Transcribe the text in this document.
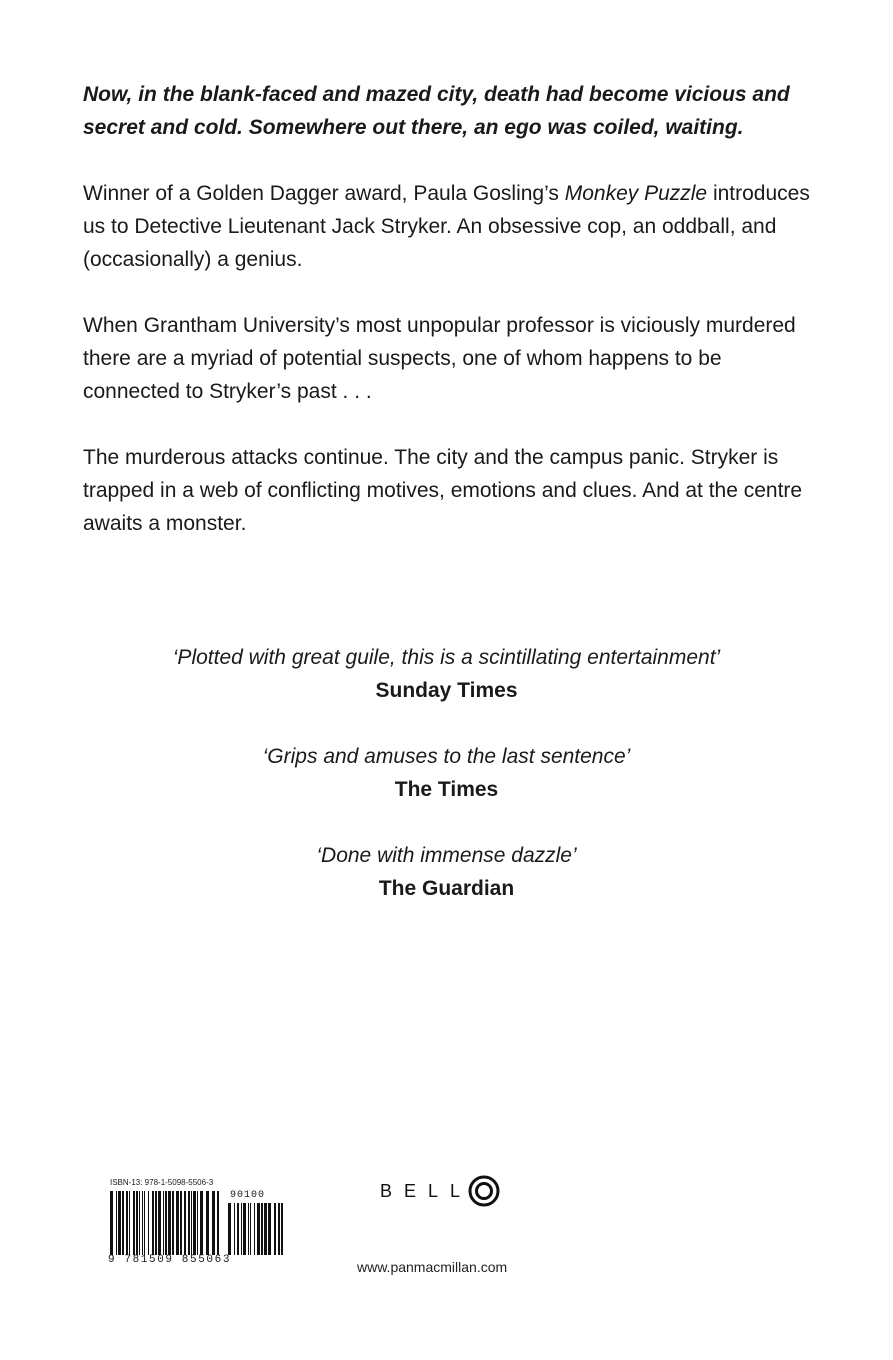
Now, in the blank-faced and mazed city, death had become vicious and secret and cold. Somewhere out there, an ego was coiled, waiting.

Winner of a Golden Dagger award, Paula Gosling’s Monkey Puzzle introduces us to Detective Lieutenant Jack Stryker. An obsessive cop, an oddball, and (occasionally) a genius.

When Grantham University’s most unpopular professor is viciously murdered there are a myriad of potential suspects, one of whom happens to be connected to Stryker’s past . . .

The murderous attacks continue. The city and the campus panic. Stryker is trapped in a web of conflicting motives, emotions and clues. And at the centre awaits a monster.

‘Plotted with great guile, this is a scintillating entertainment’
Sunday Times
‘Grips and amuses to the last sentence’
The Times
‘Done with immense dazzle’
The Guardian
ISBN-13: 978-1-5098-5506-3
90100
9 781509 855063
BELL
www.panmacmillan.com
